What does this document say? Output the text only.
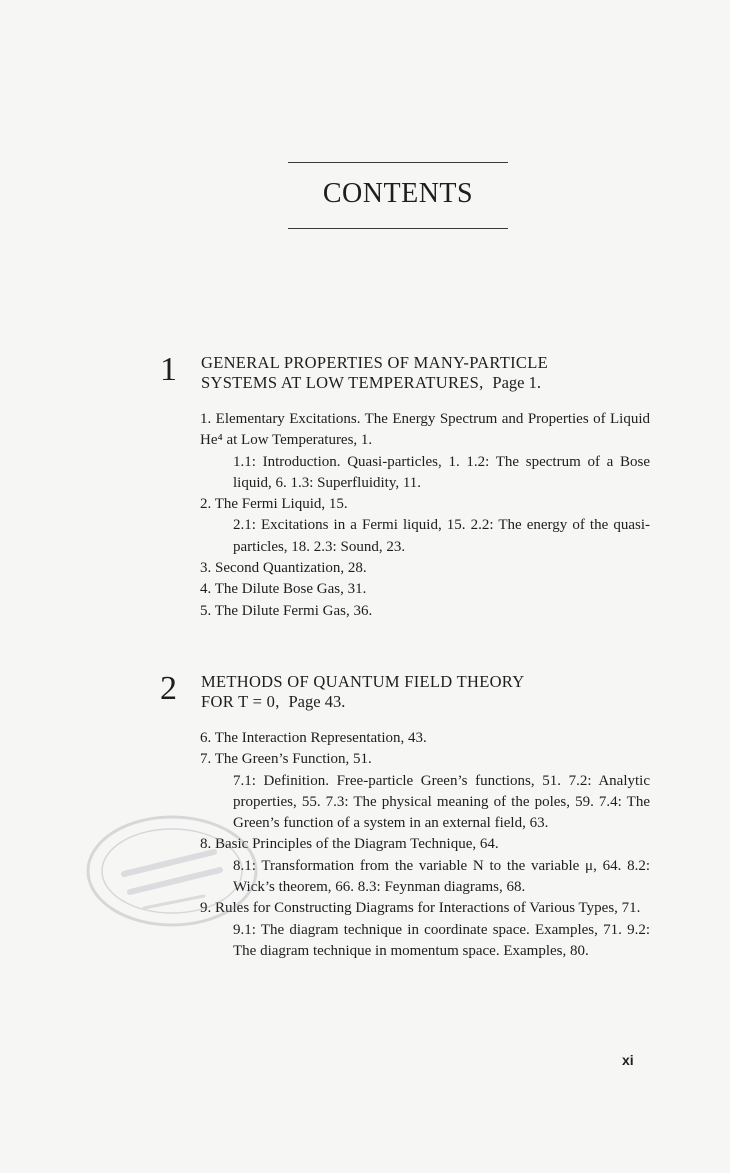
CONTENTS
1 GENERAL PROPERTIES OF MANY-PARTICLE
SYSTEMS AT LOW TEMPERATURES, Page 1.
1. Elementary Excitations. The Energy Spectrum and Properties of Liquid He⁴ at Low Temperatures, 1.
1.1: Introduction. Quasi-particles, 1. 1.2: The spectrum of a Bose liquid, 6. 1.3: Superfluidity, 11.
2. The Fermi Liquid, 15.
2.1: Excitations in a Fermi liquid, 15. 2.2: The energy of the quasi-particles, 18. 2.3: Sound, 23.
3. Second Quantization, 28.
4. The Dilute Bose Gas, 31.
5. The Dilute Fermi Gas, 36.
2 METHODS OF QUANTUM FIELD THEORY
FOR T = 0, Page 43.
6. The Interaction Representation, 43.
7. The Green’s Function, 51.
7.1: Definition. Free-particle Green’s functions, 51. 7.2: Analytic properties, 55. 7.3: The physical meaning of the poles, 59. 7.4: The Green’s function of a system in an external field, 63.
8. Basic Principles of the Diagram Technique, 64.
8.1: Transformation from the variable N to the variable μ, 64. 8.2: Wick’s theorem, 66. 8.3: Feynman diagrams, 68.
9. Rules for Constructing Diagrams for Interactions of Various Types, 71.
9.1: The diagram technique in coordinate space. Examples, 71. 9.2: The diagram technique in momentum space. Examples, 80.
xi
